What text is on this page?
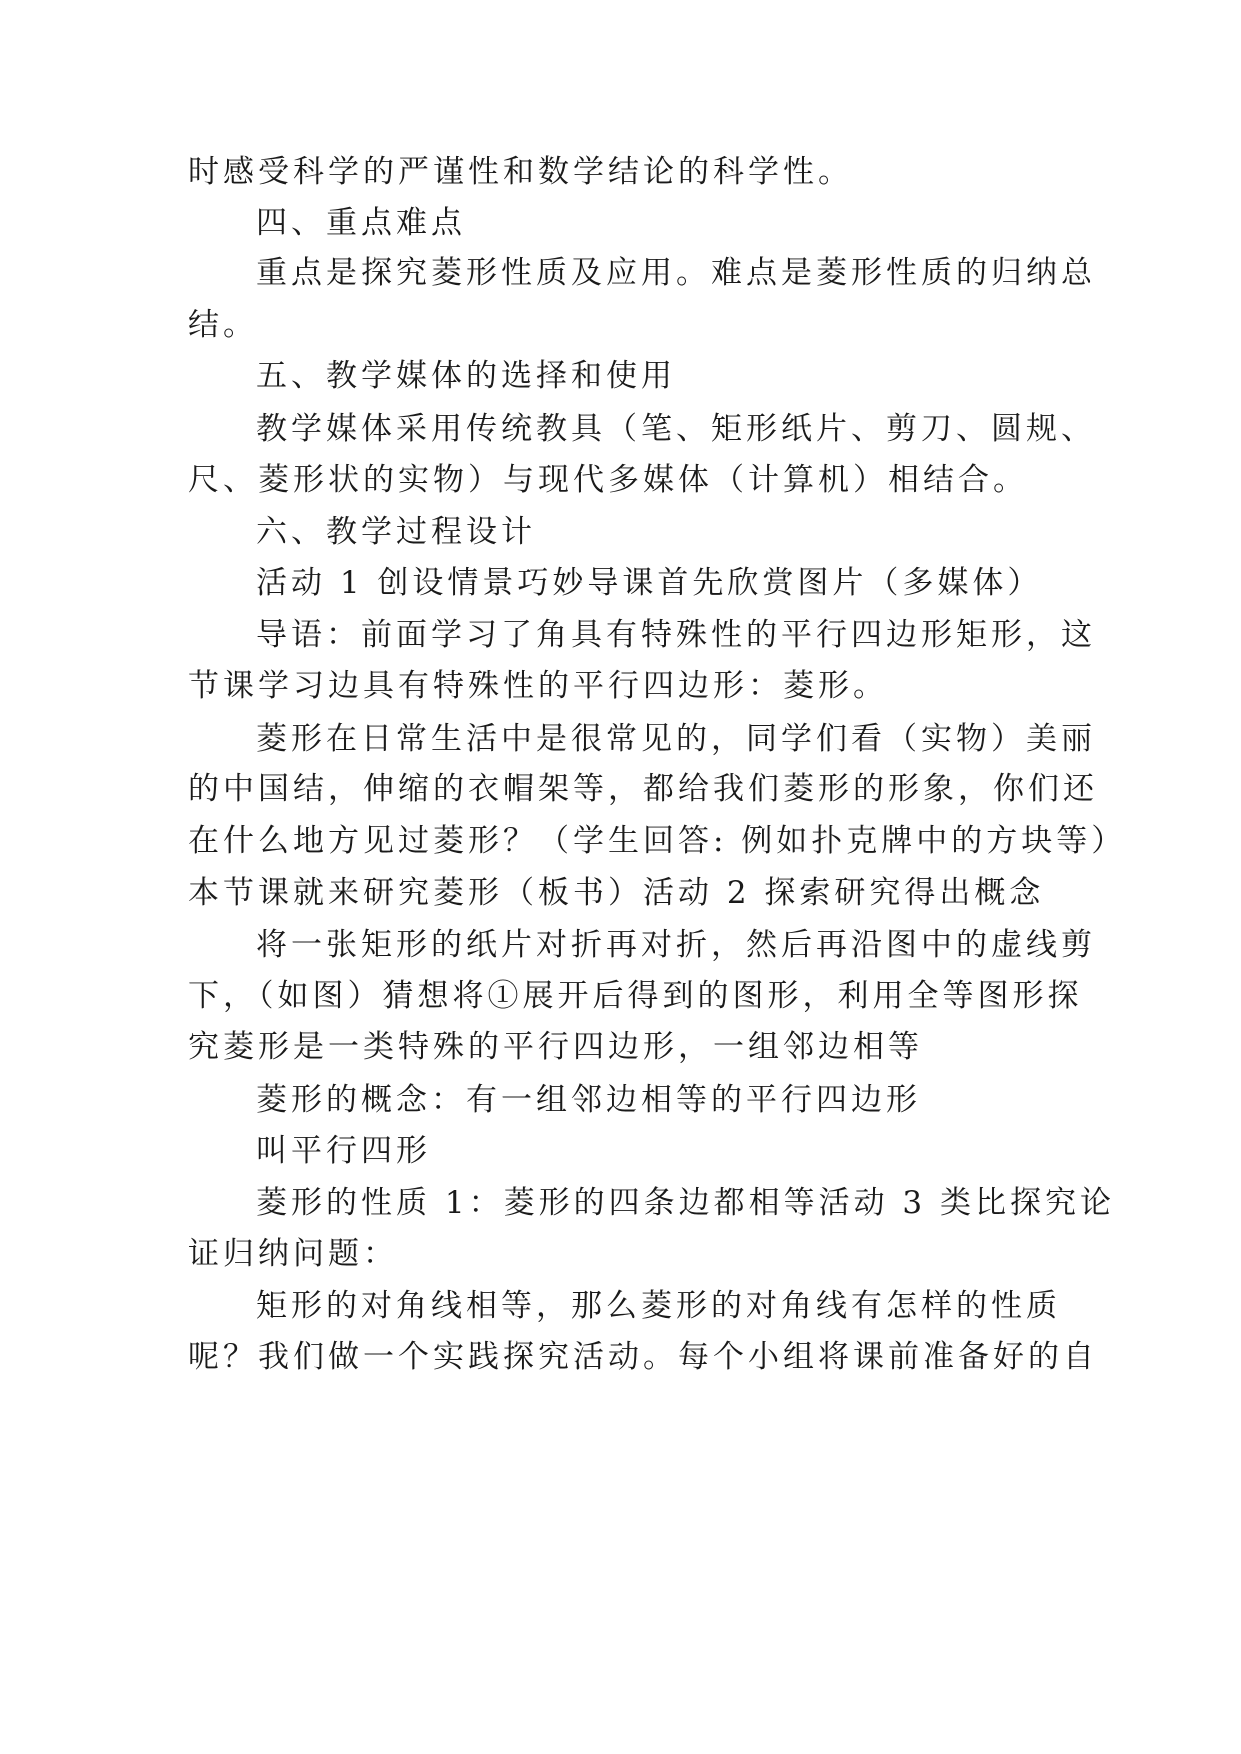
时感受科学的严谨性和数学结论的科学性。
四、重点难点
重点是探究菱形性质及应用。难点是菱形性质的归纳总
结。
五、教学媒体的选择和使用
教学媒体采用传统教具（笔、矩形纸片、剪刀、圆规、
尺、菱形状的实物）与现代多媒体（计算机）相结合。
六、教学过程设计
活动 1 创设情景巧妙导课首先欣赏图片（多媒体）
导语：前面学习了角具有特殊性的平行四边形矩形，这
节课学习边具有特殊性的平行四边形：菱形。
菱形在日常生活中是很常见的，同学们看（实物）美丽
的中国结，伸缩的衣帽架等，都给我们菱形的形象，你们还
在什么地方见过菱形？（学生回答: 例如扑克牌中的方块等）
本节课就来研究菱形（板书）活动 2 探索研究得出概念
将一张矩形的纸片对折再对折，然后再沿图中的虚线剪
下，（如图）猜想将①展开后得到的图形，利用全等图形探
究菱形是一类特殊的平行四边形，一组邻边相等
菱形的概念：有一组邻边相等的平行四边形
叫平行四形
菱形的性质 1：菱形的四条边都相等活动 3 类比探究论
证归纳问题：
矩形的对角线相等，那么菱形的对角线有怎样的性质
呢？我们做一个实践探究活动。每个小组将课前准备好的自
